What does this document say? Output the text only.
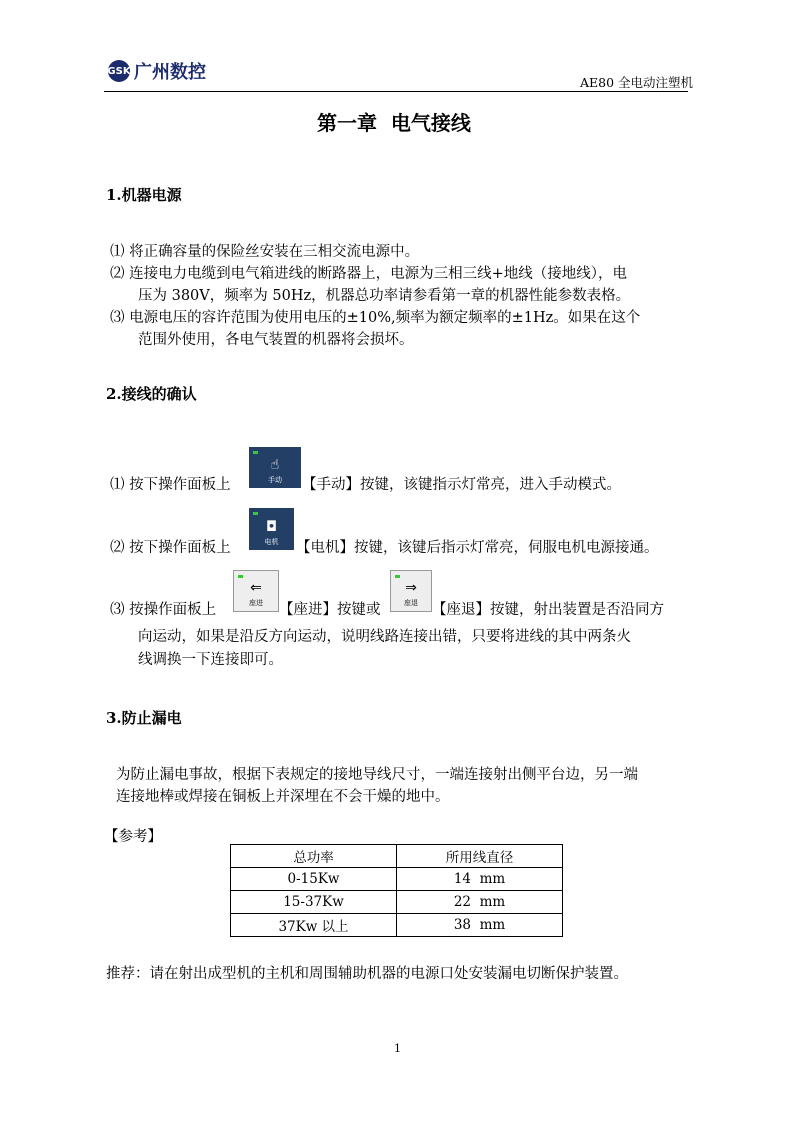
GSK 广州数控	AE80 全电动注塑机
第一章  电气接线
1.机器电源
⑴ 将正确容量的保险丝安装在三相交流电源中。
⑵ 连接电力电缆到电气箱进线的断路器上，电源为三相三线+地线（接地线），电
压为 380V，频率为 50Hz，机器总功率请参看第一章的机器性能参数表格。
⑶ 电源电压的容许范围为使用电压的±10%,频率为额定频率的±1Hz。如果在这个
范围外使用，各电气装置的机器将会损坏。
2.接线的确认
⑴ 按下操作面板上
☝
手动 【手动】按键，该键指示灯常亮，进入手动模式。
⑵ 按下操作面板上
◘
电机 【电机】按键，该键后指示灯常亮，伺服电机电源接通。
⑶ 按操作面板上
⇐
座进 【座进】按键或
⇒
座退 【座退】按键，射出装置是否沿同方
向运动，如果是沿反方向运动，说明线路连接出错，只要将进线的其中两条火
线调换一下连接即可。
3.防止漏电
为防止漏电事故，根据下表规定的接地导线尺寸，一端连接射出侧平台边，另一端
连接地棒或焊接在铜板上并深埋在不会干燥的地中。
【参考】
总功率	所用线直径
0-15Kw	14  mm
15-37Kw	22  mm
37Kw 以上	38  mm
推荐：请在射出成型机的主机和周围辅助机器的电源口处安装漏电切断保护装置。
1
